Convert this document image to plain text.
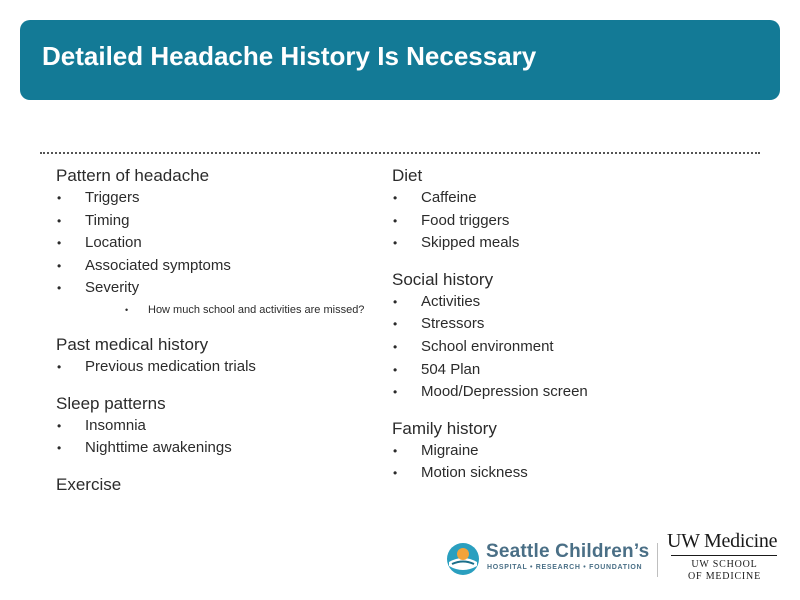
Detailed Headache History Is Necessary
Pattern of headache
• Triggers
• Timing
• Location
• Associated symptoms
• Severity
• How much school and activities are missed?
Past medical history
• Previous medication trials
Sleep patterns
• Insomnia
• Nighttime awakenings
Exercise
Diet
• Caffeine
• Food triggers
• Skipped meals
Social history
• Activities
• Stressors
• School environment
• 504 Plan
• Mood/Depression screen
Family history
• Migraine
• Motion sickness
Seattle Children’s
HOSPITAL • RESEARCH • FOUNDATION
UW Medicine
UW SCHOOL
OF MEDICINE
